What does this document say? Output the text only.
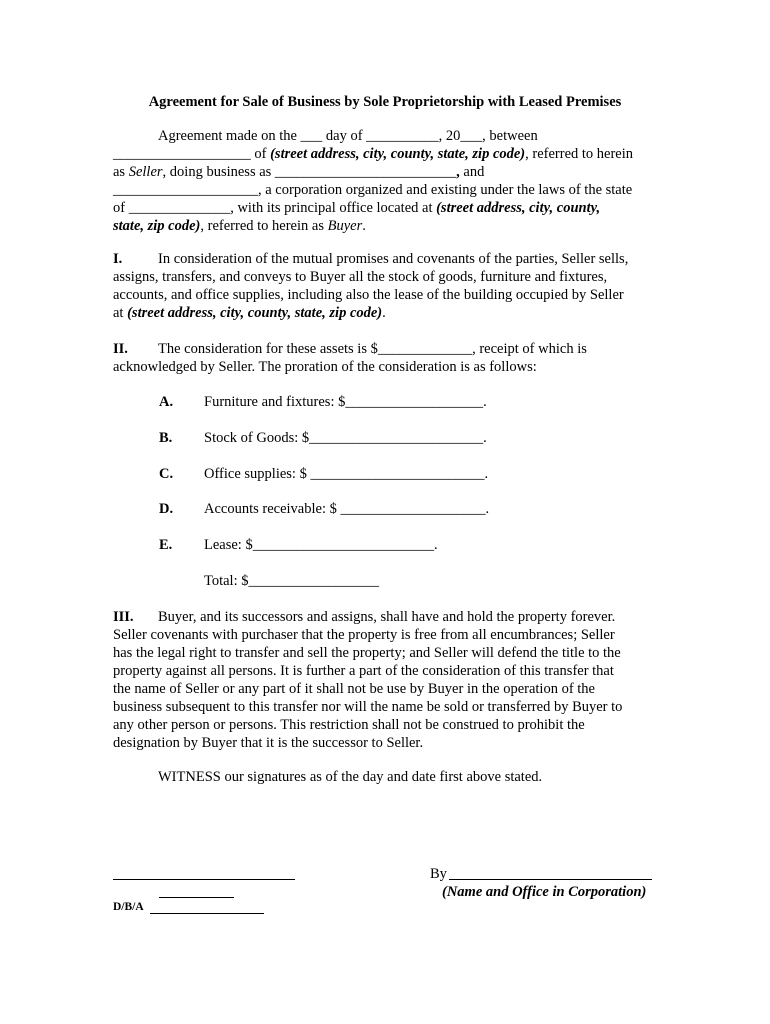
Agreement for Sale of Business by Sole Proprietorship with Leased Premises
Agreement made on the ___ day of __________, 20___, between
___________________ of (street address, city, county, state, zip code), referred to herein
as Seller, doing business as _________________________, and
____________________, a corporation organized and existing under the laws of the state
of ______________, with its principal office located at (street address, city, county,
state, zip code), referred to herein as Buyer.
I. In consideration of the mutual promises and covenants of the parties, Seller sells,
assigns, transfers, and conveys to Buyer all the stock of goods, furniture and fixtures,
accounts, and office supplies, including also the lease of the building occupied by Seller
at (street address, city, county, state, zip code).
II. The consideration for these assets is $_____________, receipt of which is
acknowledged by Seller. The proration of the consideration is as follows:
A. Furniture and fixtures: $___________________.
B. Stock of Goods: $________________________.
C. Office supplies: $ ________________________.
D. Accounts receivable: $ ____________________.
E. Lease: $_________________________.
Total: $__________________
III. Buyer, and its successors and assigns, shall have and hold the property forever.
Seller covenants with purchaser that the property is free from all encumbrances; Seller
has the legal right to transfer and sell the property; and Seller will defend the title to the
property against all persons. It is further a part of the consideration of this transfer that
the name of Seller or any part of it shall not be use by Buyer in the operation of the
business subsequent to this transfer nor will the name be sold or transferred by Buyer to
any other person or persons. This restriction shall not be construed to prohibit the
designation by Buyer that it is the successor to Seller.
WITNESS our signatures as of the day and date first above stated.
D/B/A
By
(Name and Office in Corporation)
